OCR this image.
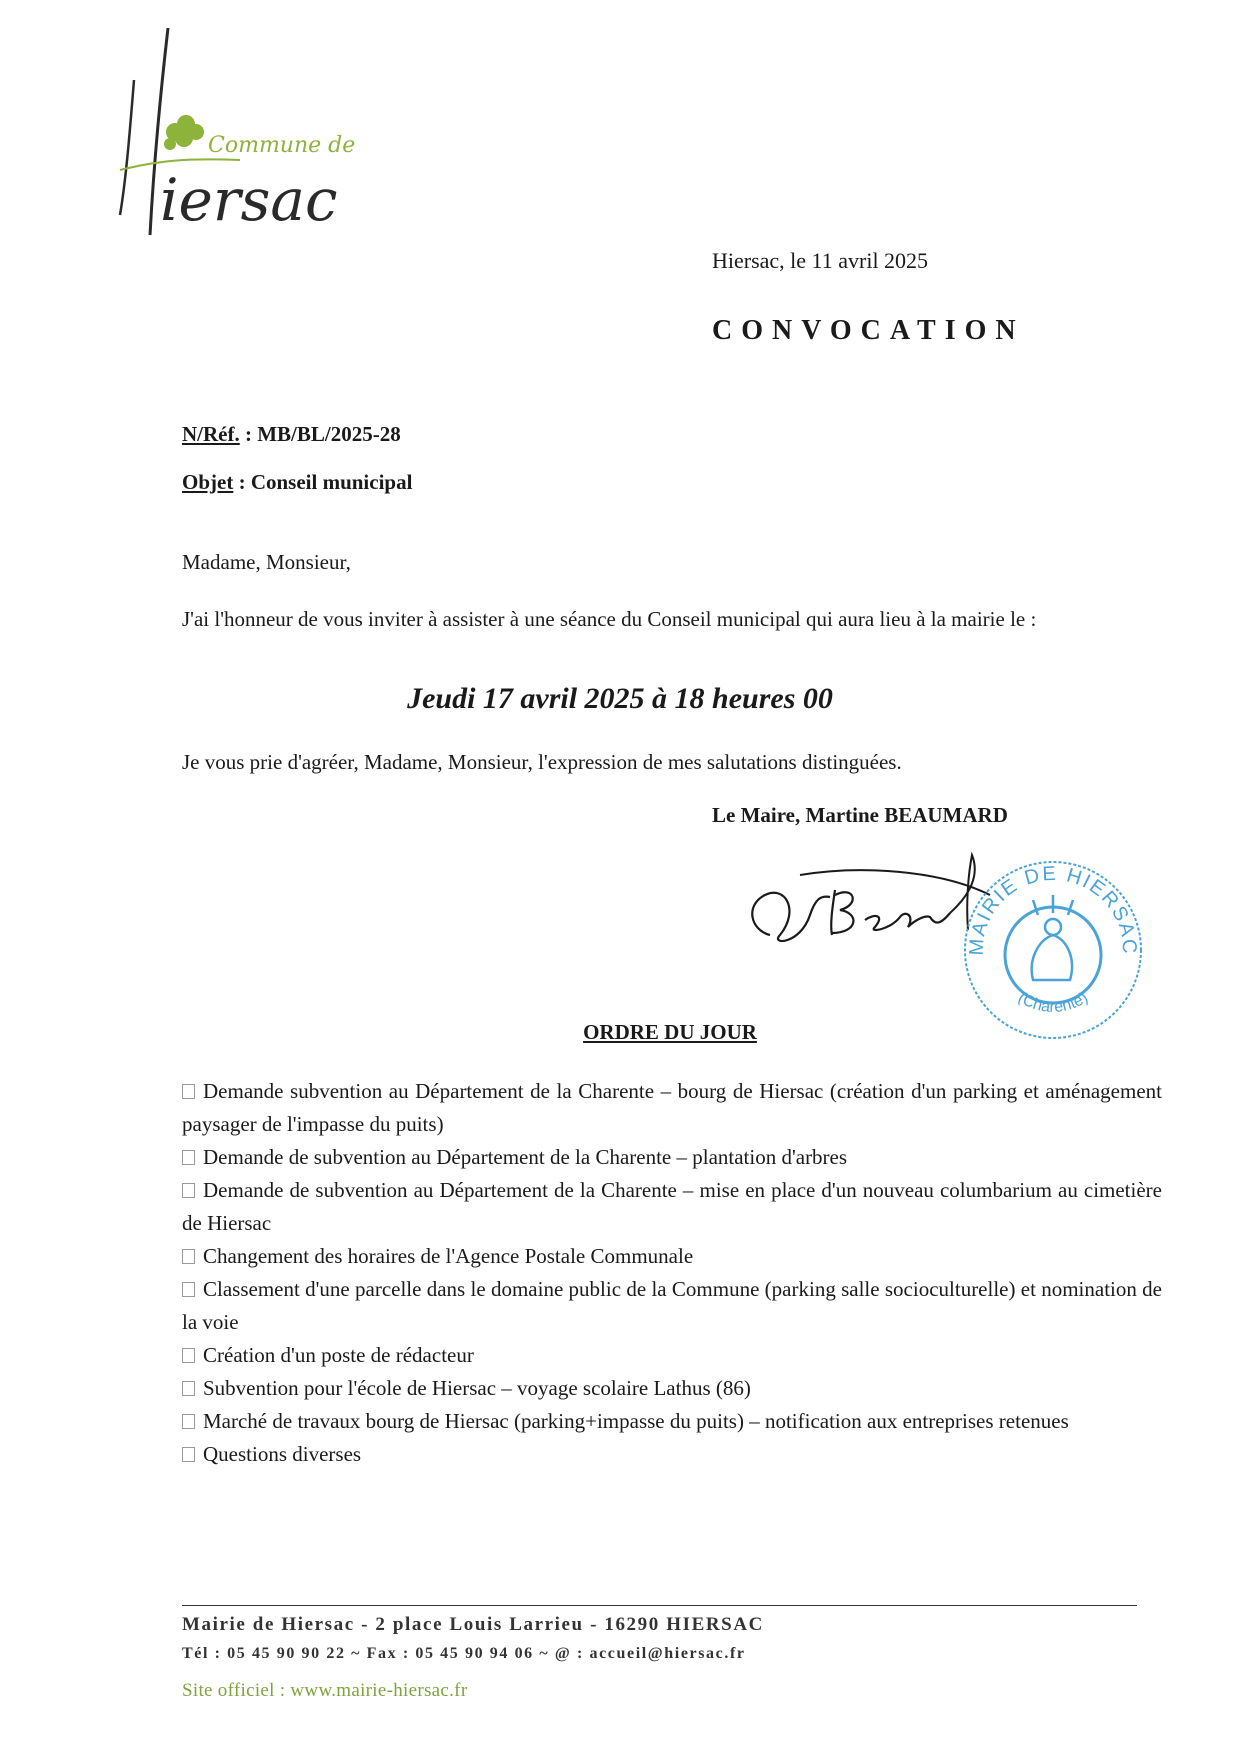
Commune de
iersac
Hiersac, le 11 avril 2025
CONVOCATION
N/Réf. : MB/BL/2025-28
Objet : Conseil municipal
Madame, Monsieur,
J'ai l'honneur de vous inviter à assister à une séance du Conseil municipal qui aura lieu à la mairie le :
Jeudi 17 avril 2025 à 18 heures 00
Je vous prie d'agréer, Madame, Monsieur, l'expression de mes salutations distinguées.
Le Maire, Martine BEAUMARD
MAIRIE DE HIERSAC
(Charente)
ORDRE DU JOUR
Demande subvention au Département de la Charente – bourg de Hiersac (création d'un parking et aménagement paysager de l'impasse du puits)
Demande de subvention au Département de la Charente – plantation d'arbres
Demande de subvention au Département de la Charente – mise en place d'un nouveau columbarium au cimetière de Hiersac
Changement des horaires de l'Agence Postale Communale
Classement d'une parcelle dans le domaine public de la Commune (parking salle socioculturelle) et nomination de la voie
Création d'un poste de rédacteur
Subvention pour l'école de Hiersac – voyage scolaire Lathus (86)
Marché de travaux bourg de Hiersac (parking+impasse du puits) – notification aux entreprises retenues
Questions diverses
Mairie de Hiersac - 2 place Louis Larrieu - 16290 HIERSAC
Tél : 05 45 90 90 22 ~ Fax : 05 45 90 94 06 ~ @ : accueil@hiersac.fr
Site officiel : www.mairie-hiersac.fr
